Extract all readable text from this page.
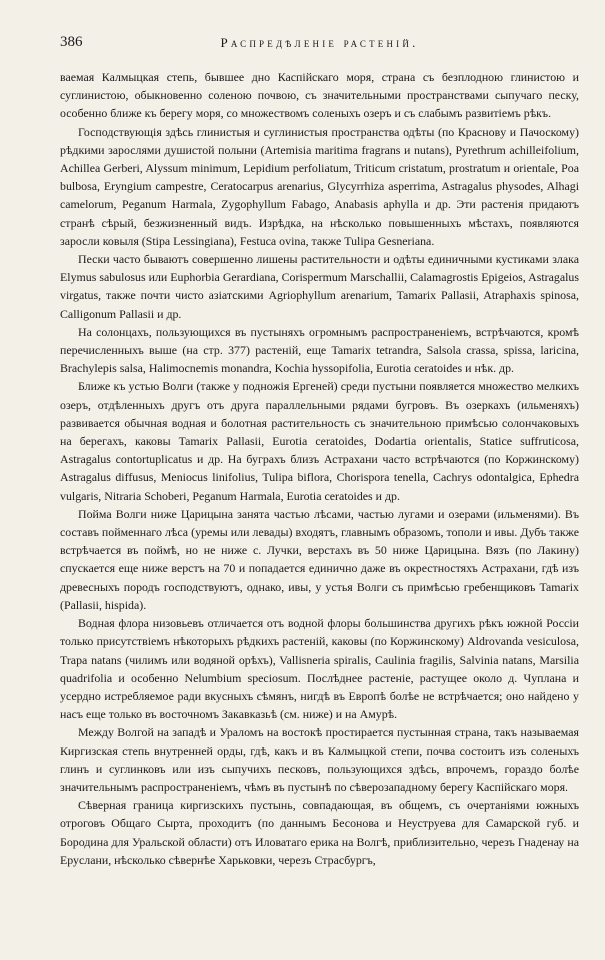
386	Распредѣленіе растеній.

ваемая Калмыцкая степь, бывшее дно Каспійскаго моря, страна съ безплодною глинистою и суглинистою, обыкновенно соленою почвою, съ значительными пространствами сыпучаго песку, особенно ближе къ берегу моря, со множествомъ соленыхъ озеръ и съ слабымъ развитіемъ рѣкъ.

Господствующія здѣсь глинистыя и суглинистыя пространства одѣты (по Красновy и Пачоскому) рѣдкими зарослями душистой полыни (Artemisia maritima fragrans и nutans), Pyrethrum achilleifolium, Achillea Gerberi, Alyssum minimum, Lepidium perfoliatum, Triticum cristatum, prostratum и orientale, Poa bulbosa, Eryngium campestre, Ceratocarpus arenarius, Glycyrrhiza asperrima, Astragalus physodes, Alhagi camelorum, Peganum Harmala, Zygophyllum Fabago, Anabasis aphylla и др. Эти растенія придаютъ странѣ сѣрый, безжизненный видъ. Изрѣдка, на нѣсколько повышенныхъ мѣстахъ, появляются заросли ковыля (Stipa Lessingiana), Festuca ovina, также Tulipa Gesneriana.

Пески часто бываютъ совершенно лишены растительности и одѣты единичными кустиками злака Elymus sabulosus или Euphorbia Gerardiana, Corispermum Marschallii, Calamagrostis Epigeios, Astragalus virgatus, также почти чисто азіатскими Agriophyllum arenarium, Tamarix Pallasii, Atraphaxis spinosa, Calligonum Pallasii и др.

На солонцахъ, пользующихся въ пустыняхъ огромнымъ распространеніемъ, встрѣчаются, кромѣ перечисленныхъ выше (на стр. 377) растеній, еще Tamarix tetrandra, Salsola crassa, spissa, laricina, Brachylepis salsa, Halimocnemis monandra, Kochia hyssopifolia, Eurotia ceratoides и нѣк. др.

Ближе къ устью Волги (также у подножія Ергеней) среди пустыни появляется множество мелкихъ озеръ, отдѣленныхъ другъ отъ друга параллельными рядами бугровъ. Въ озеркахъ (ильменяхъ) развивается обычная водная и болотная растительность съ значительною примѣсью солончаковыхъ на берегахъ, каковы Tamarix Pallasii, Eurotia ceratoides, Dodartia orientalis, Statice suffruticosa, Astragalus contortuplicatus и др. На буграхъ близъ Астрахани часто встрѣчаются (по Коржинскому) Astragalus diffusus, Meniocus linifolius, Tulipa biflora, Chorispora tenella, Cachrys odontalgica, Ephedra vulgaris, Nitraria Schoberi, Peganum Harmala, Eurotia ceratoides и др.

Пойма Волги ниже Царицына занята частью лѣсами, частью лугами и озерами (ильменями). Въ составъ пойменнаго лѣса (уремы или левады) входятъ, главнымъ образомъ, тополи и ивы. Дубъ также встрѣчается въ поймѣ, но не ниже с. Лучки, верстахъ въ 50 ниже Царицына. Вязъ (по Лакину) спускается еще ниже верстъ на 70 и попадается единично даже въ окрестностяхъ Астрахани, гдѣ изъ древесныхъ породъ господствуютъ, однако, ивы, у устья Волги съ примѣсью гребенщиковъ Tamarix (Pallasii, hispida).

Водная флора низовьевъ отличается отъ водной флоры большинства другихъ рѣкъ южной Россіи только присутствіемъ нѣкоторыхъ рѣдкихъ растеній, каковы (по Коржинскому) Aldrovanda vesiculosa, Trapa natans (чилимъ или водяной орѣхъ), Vallisneria spiralis, Caulinia fragilis, Salvinia natans, Marsilia quadrifolia и особенно Nelumbium speciosum. Послѣднее растеніе, растущее около д. Чуплана и усердно истребляемое ради вкусныхъ сѣмянъ, нигдѣ въ Европѣ болѣе не встрѣчается; оно найдено у насъ еще только въ восточномъ Закавказьѣ (см. ниже) и на Амурѣ.

Между Волгой на западѣ и Ураломъ на востокѣ простирается пустынная страна, такъ называемая Киргизская степь внутренней орды, гдѣ, какъ и въ Калмыцкой степи, почва состоитъ изъ соленыхъ глинъ и суглинковъ или изъ сыпучихъ песковъ, пользующихся здѣсь, впрочемъ, гораздо болѣе значительнымъ распространеніемъ, чѣмъ въ пустынѣ по сѣверозападному берегу Каспійскаго моря.

Сѣверная граница киргизскихъ пустынь, совпадающая, въ общемъ, съ очертаніями южныхъ отроговъ Общаго Сырта, проходитъ (по даннымъ Бесонова и Неуструева для Самарской губ. и Бородина для Уральской области) отъ Иловатаго ерика на Волгѣ, приблизительно, черезъ Гнаденау на Еруслани, нѣсколько сѣвернѣе Харьковки, черезъ Страсбургъ,
